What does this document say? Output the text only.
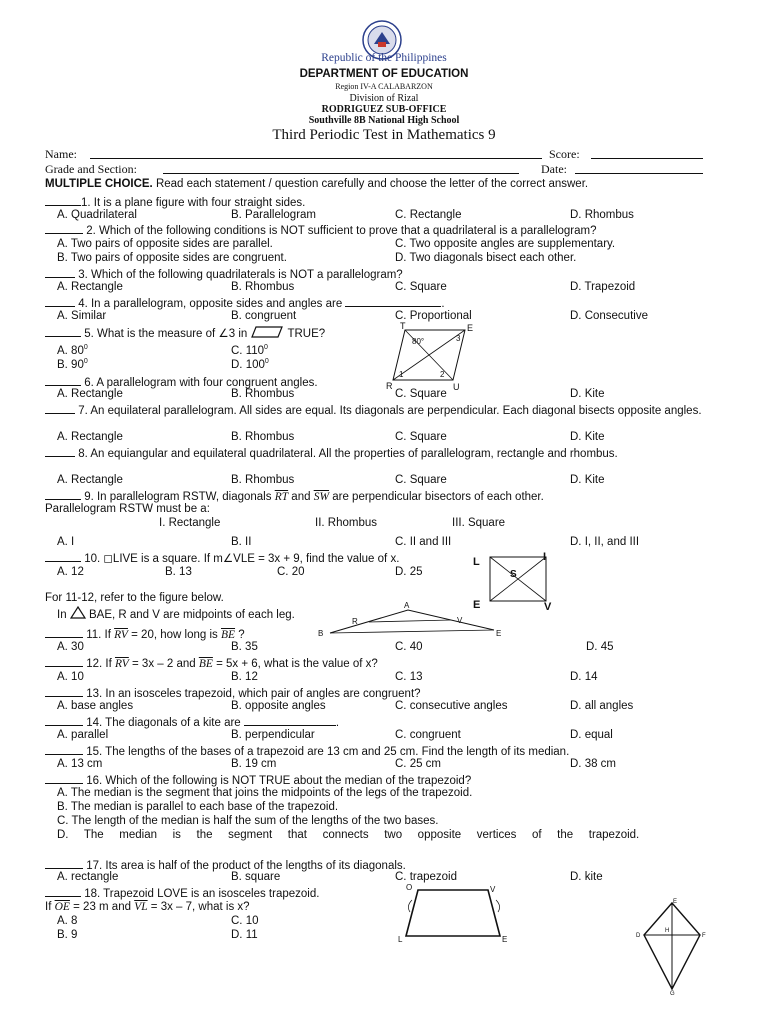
Republic of the Philippines
DEPARTMENT OF EDUCATION
Region IV-A CALABARZON
Division of Rizal
RODRIGUEZ SUB-OFFICE
Southville 8B National High School
Third Periodic Test in Mathematics 9
Name:	Score:
Grade and Section:	Date:
MULTIPLE CHOICE. Read each statement / question carefully and choose the letter of the correct answer.
1. It is a plane figure with four straight sides.
A. Quadrilateral	B. Parallelogram	C. Rectangle	D. Rhombus
2. Which of the following conditions is NOT sufficient to prove that a quadrilateral is a parallelogram?
A. Two pairs of opposite sides are parallel.	C. Two opposite angles are supplementary.
B. Two pairs of opposite sides are congruent.	D. Two diagonals bisect each other.
3. Which of the following quadrilaterals is NOT a parallelogram?
A. Rectangle	B. Rhombus	C. Square	D. Trapezoid
4. In a parallelogram, opposite sides and angles are	.
A. Similar	B. congruent	C. Proportional	D. Consecutive
5. What is the measure of ∠3 in	TRUE?
A. $80^0$	C. $110^0$
B. $90^0$	D. $100^0$
T	E
R	U
80°
1	2
3
6. A parallelogram with four congruent angles.
A. Rectangle	B. Rhombus	C. Square	D. Kite
7. An equilateral parallelogram. All sides are equal. Its diagonals are perpendicular. Each diagonal bisects opposite angles.
A. Rectangle	B. Rhombus	C. Square	D. Kite
8. An equiangular and equilateral quadrilateral. All the properties of parallelogram, rectangle and rhombus.
A. Rectangle	B. Rhombus	C. Square	D. Kite
9. In parallelogram RSTW, diagonals $\overline{RT}$ and $\overline{SW}$ are perpendicular bisectors of each other.
Parallelogram RSTW must be a:
I. Rectangle	II. Rhombus	III. Square
A. I	B. II	C. II and III	D. I, II, and III
10. ◻LIVE is a square. If m∠VLE = 3x + 9, find the value of x.
A. 12	B. 13	C. 20	D. 25
L	I
E	V
S
For 11-12, refer to the figure below.
In  BAE, R and V are midpoints of each leg.
A
B	E
R	V
11. If $\overline{RV} = 20$, how long is $\overline{BE}$ ?
A. 30	B. 35	C. 40	D. 45
12. If $\overline{RV} = 3x - 2$ and $\overline{BE} = 5x + 6$, what is the value of x?
A. 10	B. 12	C. 13	D. 14
13. In an isosceles trapezoid, which pair of angles are congruent?
A. base angles	B. opposite angles	C. consecutive angles	D. all angles
14. The diagonals of a kite are	.
A. parallel	B. perpendicular	C. congruent	D. equal
15. The lengths of the bases of a trapezoid are 13 cm and 25 cm. Find the length of its median.
A. 13 cm	B. 19 cm	C. 25 cm	D. 38 cm
16. Which of the following is NOT TRUE about the median of the trapezoid?
A. The median is the segment that joins the midpoints of the legs of the trapezoid.
B. The median is parallel to each base of the trapezoid.
C. The length of the median is half the sum of the lengths of the two bases.
D. The median is the segment that connects two opposite vertices of the trapezoid.
17. Its area is half of the product of the lengths of its diagonals.
A. rectangle	B. square	C. trapezoid	D. kite
18. Trapezoid LOVE is an isosceles trapezoid.
If $\overline{OE} = 23$ m and $\overline{VL} = 3x - 7$, what is x?
A. 8	C. 10
B. 9	D. 11
O	V
L	E
E
D
H
F
G
